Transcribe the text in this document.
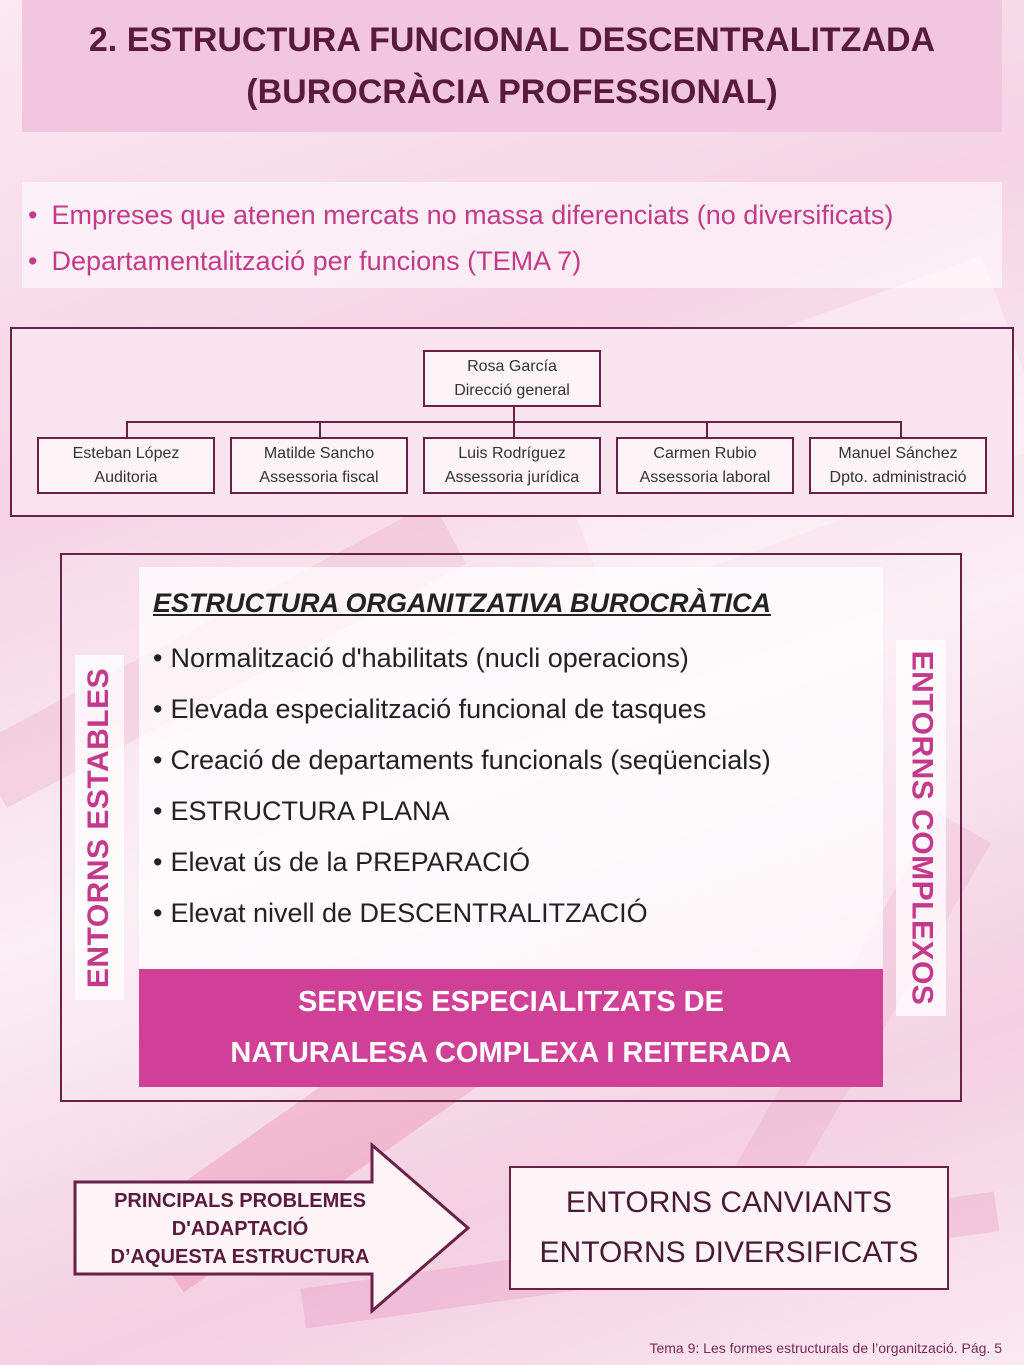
2. ESTRUCTURA FUNCIONAL DESCENTRALITZADA
(BUROCRÀCIA PROFESSIONAL)
• Empreses que atenen mercats no massa diferenciats (no diversificats)
• Departamentalització per funcions (TEMA 7)
Rosa García
Direcció general
Esteban López
Auditoria
Matilde Sancho
Assessoria fiscal
Luis Rodríguez
Assessoria jurídica
Carmen Rubio
Assessoria laboral
Manuel Sánchez
Dpto. administració
ENTORNS ESTABLES	ENTORNS COMPLEXOS
ESTRUCTURA ORGANITZATIVA BUROCRÀTICA
• Normalització d'habilitats (nucli operacions)
• Elevada especialització funcional de tasques
• Creació de departaments funcionals (seqüencials)
• ESTRUCTURA PLANA
• Elevat ús de la PREPARACIÓ
• Elevat nivell de DESCENTRALITZACIÓ
SERVEIS ESPECIALITZATS DE
NATURALESA COMPLEXA I REITERADA
PRINCIPALS PROBLEMES
D'ADAPTACIÓ
D’AQUESTA ESTRUCTURA
ENTORNS CANVIANTS
ENTORNS DIVERSIFICATS
Tema 9: Les formes estructurals de l’organització. Pág. 5
